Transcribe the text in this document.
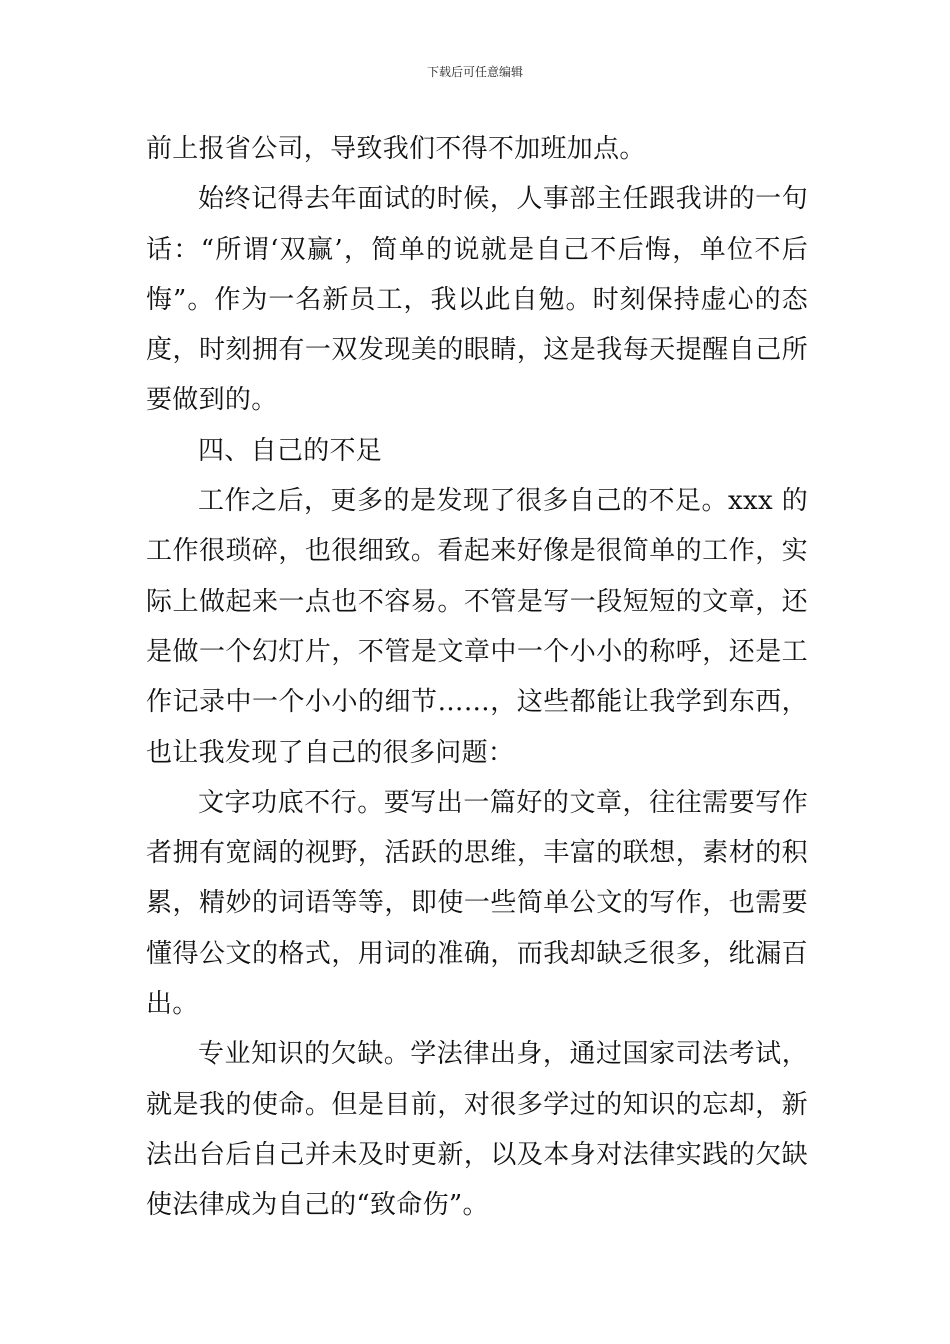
下载后可任意编辑

前上报省公司，导致我们不得不加班加点。

始终记得去年面试的时候，人事部主任跟我讲的一句话：“所谓‘双赢’，简单的说就是自己不后悔，单位不后悔”。作为一名新员工，我以此自勉。时刻保持虚心的态度，时刻拥有一双发现美的眼睛，这是我每天提醒自己所要做到的。

四、自己的不足

工作之后，更多的是发现了很多自己的不足。xxx 的工作很琐碎，也很细致。看起来好像是很简单的工作，实际上做起来一点也不容易。不管是写一段短短的文章，还是做一个幻灯片，不管是文章中一个小小的称呼，还是工作记录中一个小小的细节……，这些都能让我学到东西，也让我发现了自己的很多问题：

文字功底不行。要写出一篇好的文章，往往需要写作者拥有宽阔的视野，活跃的思维，丰富的联想，素材的积累，精妙的词语等等，即使一些简单公文的写作，也需要懂得公文的格式，用词的准确，而我却缺乏很多，纰漏百出。

专业知识的欠缺。学法律出身，通过国家司法考试，就是我的使命。但是目前，对很多学过的知识的忘却，新法出台后自己并未及时更新，以及本身对法律实践的欠缺使法律成为自己的“致命伤”。
